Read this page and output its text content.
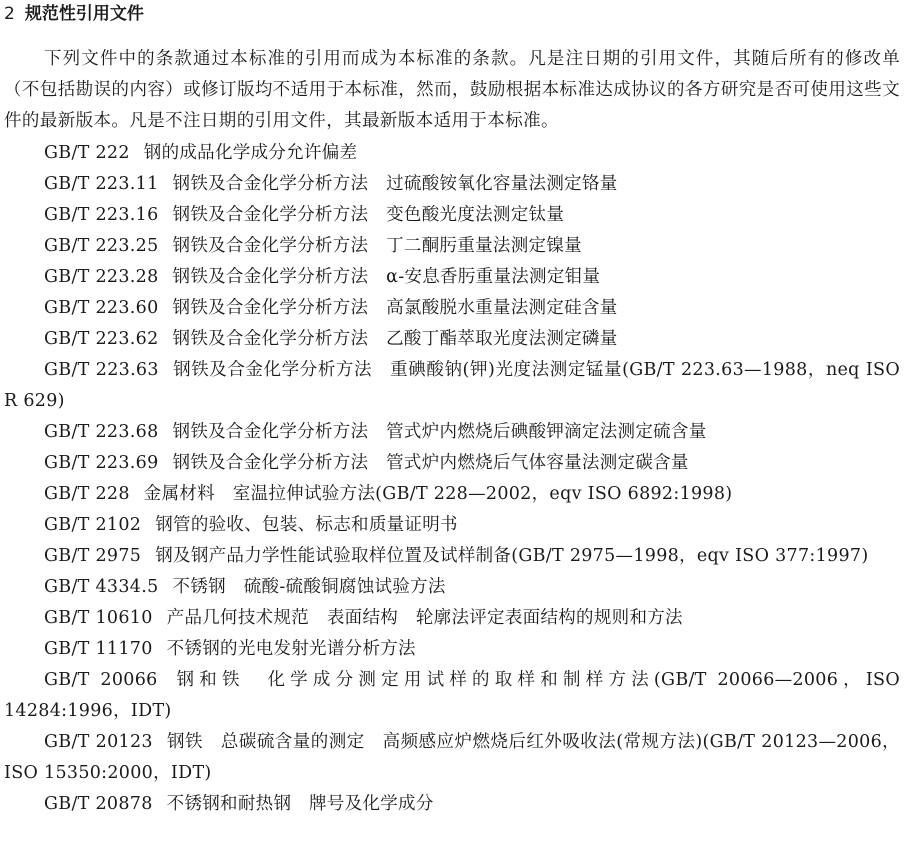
2 规范性引用文件
下列文件中的条款通过本标准的引用而成为本标准的条款。凡是注日期的引用文件，其随后所有的修改单（不包括勘误的内容）或修订版均不适用于本标准，然而，鼓励根据本标准达成协议的各方研究是否可使用这些文件的最新版本。凡是不注日期的引用文件，其最新版本适用于本标准。
GB/T 222 钢的成品化学成分允许偏差
GB/T 223.11 钢铁及合金化学分析方法　过硫酸铵氧化容量法测定铬量
GB/T 223.16 钢铁及合金化学分析方法　变色酸光度法测定钛量
GB/T 223.25 钢铁及合金化学分析方法　丁二酮肟重量法测定镍量
GB/T 223.28 钢铁及合金化学分析方法　α-安息香肟重量法测定钼量
GB/T 223.60 钢铁及合金化学分析方法　高氯酸脱水重量法测定硅含量
GB/T 223.62 钢铁及合金化学分析方法　乙酸丁酯萃取光度法测定磷量
GB/T 223.63 钢铁及合金化学分析方法　重碘酸钠(钾)光度法测定锰量(GB/T 223.63—1988，neq ISO R 629)
GB/T 223.68 钢铁及合金化学分析方法　管式炉内燃烧后碘酸钾滴定法测定硫含量
GB/T 223.69 钢铁及合金化学分析方法　管式炉内燃烧后气体容量法测定碳含量
GB/T 228 金属材料　室温拉伸试验方法(GB/T 228—2002，eqv ISO 6892:1998)
GB/T 2102 钢管的验收、包装、标志和质量证明书
GB/T 2975 钢及钢产品力学性能试验取样位置及试样制备(GB/T 2975—1998，eqv ISO 377:1997)
GB/T 4334.5 不锈钢　硫酸-硫酸铜腐蚀试验方法
GB/T 10610 产品几何技术规范　表面结构　轮廓法评定表面结构的规则和方法
GB/T 11170 不锈钢的光电发射光谱分析方法
GB/T 20066 钢和铁　化学成分测定用试样的取样和制样方法(GB/T 20066—2006，ISO 14284:1996，IDT)
GB/T 20123 钢铁　总碳硫含量的测定　高频感应炉燃烧后红外吸收法(常规方法)(GB/T 20123—2006，ISO 15350:2000，IDT)
GB/T 20878 不锈钢和耐热钢　牌号及化学成分
